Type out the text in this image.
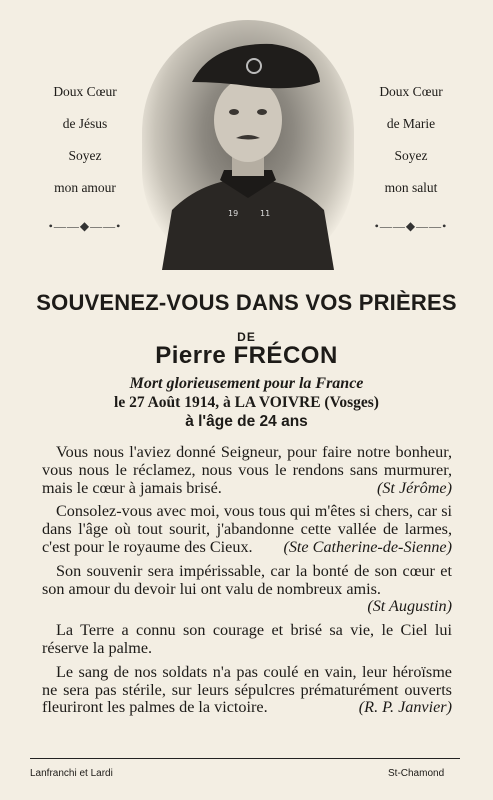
Doux Cœur
de Jésus
Soyez
mon amour
•——◆——•
19	11
Doux Cœur
de Marie
Soyez
mon salut
•——◆——•
SOUVENEZ-VOUS DANS VOS PRIÈRES
DE
Pierre FRÉCON
Mort glorieusement pour la France
le 27 Août 1914, à LA VOIVRE (Vosges)
à l'âge de 24 ans

Vous nous l'aviez donné Seigneur, pour faire notre bonheur, vous nous le réclamez, nous vous le rendons sans murmurer, mais le cœur à jamais brisé.	(St Jérôme)

Consolez-vous avec moi, vous tous qui m'êtes si chers, car si dans l'âge où tout sourit, j'abandonne cette vallée de larmes, c'est pour le royaume des Cieux.	(Ste Catherine-de-Sienne)

Son souvenir sera impérissable, car la bonté de son cœur et son amour du devoir lui ont valu de nombreux amis.
(St Augustin)

La Terre a connu son courage et brisé sa vie, le Ciel lui réserve la palme.

Le sang de nos soldats n'a pas coulé en vain, leur héroïsme ne sera pas stérile, sur leurs sépulcres prématurément ouverts fleuriront les palmes de la victoire.	(R. P. Janvier)

Lanfranchi et Lardi	St-Chamond
